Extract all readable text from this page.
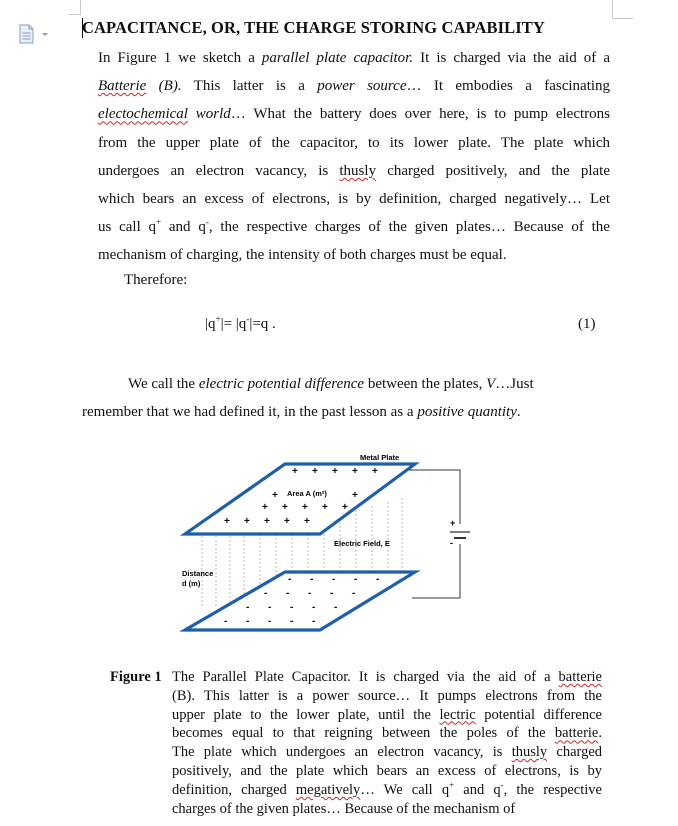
CAPACITANCE, OR, THE CHARGE STORING CAPABILITY
In Figure 1 we sketch a parallel plate capacitor. It is charged via the aid of a
Batterie (B). This latter is a power source… It embodies a fascinating
electochemical world… What the battery does over here, is to pump electrons
from the upper plate of the capacitor, to its lower plate. The plate which
undergoes an electron vacancy, is thusly charged positively, and the plate
which bears an excess of electrons, is by definition, charged negatively… Let
us call q+ and q-, the respective charges of the given plates… Because of the
mechanism of charging, the intensity of both charges must be equal.
Therefore:
|q+|= |q-|=q .	(1)
We call the electric potential difference between the plates, V…Just
remember that we had defined it, in the past lesson as a positive quantity.
+
-
Metal Plate
Area A (m²)
Electric Field, E
Distance
d (m)
+ + + + +
+	+
+ + + + +
+ + + + +
- - - - -
- - - - -
- - - - -
- - - - -
Figure 1 The Parallel Plate Capacitor. It is charged via the aid of a batterie
(B). This latter is a power source… It pumps electrons from the
upper plate to the lower plate, until the lectric potential difference
becomes equal to that reigning between the poles of the batterie.
The plate which undergoes an electron vacancy, is thusly charged
positively, and the plate which bears an excess of electrons, is by
definition, charged megatively… We call q+ and q-, the respective
charges of the given plates… Because of the mechanism of
